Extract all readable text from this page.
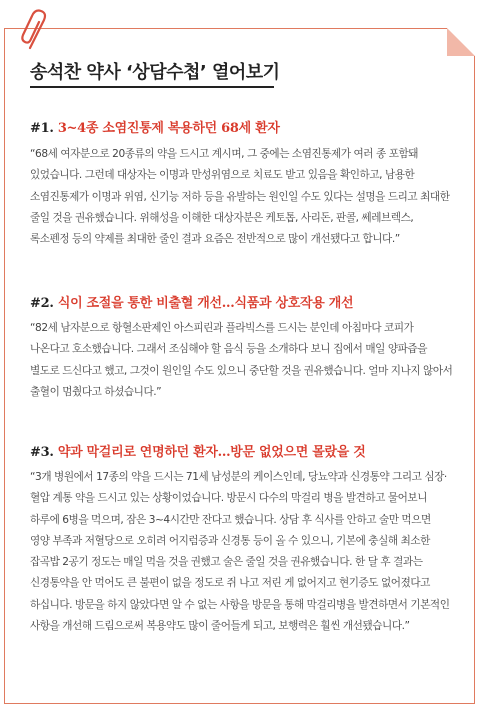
송석찬 약사 ‘상담수첩’ 열어보기
#1. 3~4종 소염진통제 복용하던 68세 환자

“68세 여자분으로 20종류의 약을 드시고 계시며, 그 중에는 소염진통제가 여러 종 포함돼 있었습니다. 그런데 대상자는 이명과 만성위염으로 치료도 받고 있음을 확인하고, 남용한 소염진통제가 이명과 위염, 신기능 저하 등을 유발하는 원인일 수도 있다는 설명을 드리고 최대한 줄일 것을 권유했습니다. 위해성을 이해한 대상자분은 케토톱, 사리돈, 판콜, 쎄레브렉스, 록소펜정 등의 약제를 최대한 줄인 결과 요즘은 전반적으로 많이 개선됐다고 합니다.”

#2. 식이 조절을 통한 비출혈 개선…식품과 상호작용 개선

“82세 남자분으로 항혈소판제인 아스피린과 플라빅스를 드시는 분인데 아침마다 코피가 나온다고 호소했습니다. 그래서 조심해야 할 음식 등을 소개하다 보니 집에서 매일 양파즙을 별도로 드신다고 했고, 그것이 원인일 수도 있으니 중단할 것을 권유했습니다. 얼마 지나지 않아서 출혈이 멈췄다고 하셨습니다.”

#3. 약과 막걸리로 연명하던 환자…방문 없었으면 몰랐을 것

“3개 병원에서 17종의 약을 드시는 71세 남성분의 케이스인데, 당뇨약과 신경통약 그리고 심장·혈압 계통 약을 드시고 있는 상황이었습니다. 방문시 다수의 막걸리 병을 발견하고 물어보니 하루에 6병을 먹으며, 잠은 3~4시간만 잔다고 했습니다. 상담 후 식사를 안하고 술만 먹으면 영양 부족과 저혈당으로 오히려 어지럼증과 신경통 등이 올 수 있으니, 기본에 충실해 최소한 잡곡밥 2공기 정도는 매일 먹을 것을 권했고 술은 줄일 것을 권유했습니다. 한 달 후 결과는 신경통약을 안 먹어도 큰 불편이 없을 정도로 쥐 나고 저린 게 없어지고 현기증도 없어졌다고 하십니다. 방문을 하지 않았다면 알 수 없는 사항을 방문을 통해 막걸리병을 발견하면서 기본적인 사항을 개선해 드림으로써 복용약도 많이 줄어들게 되고, 보행력은 훨씬 개선됐습니다.”
